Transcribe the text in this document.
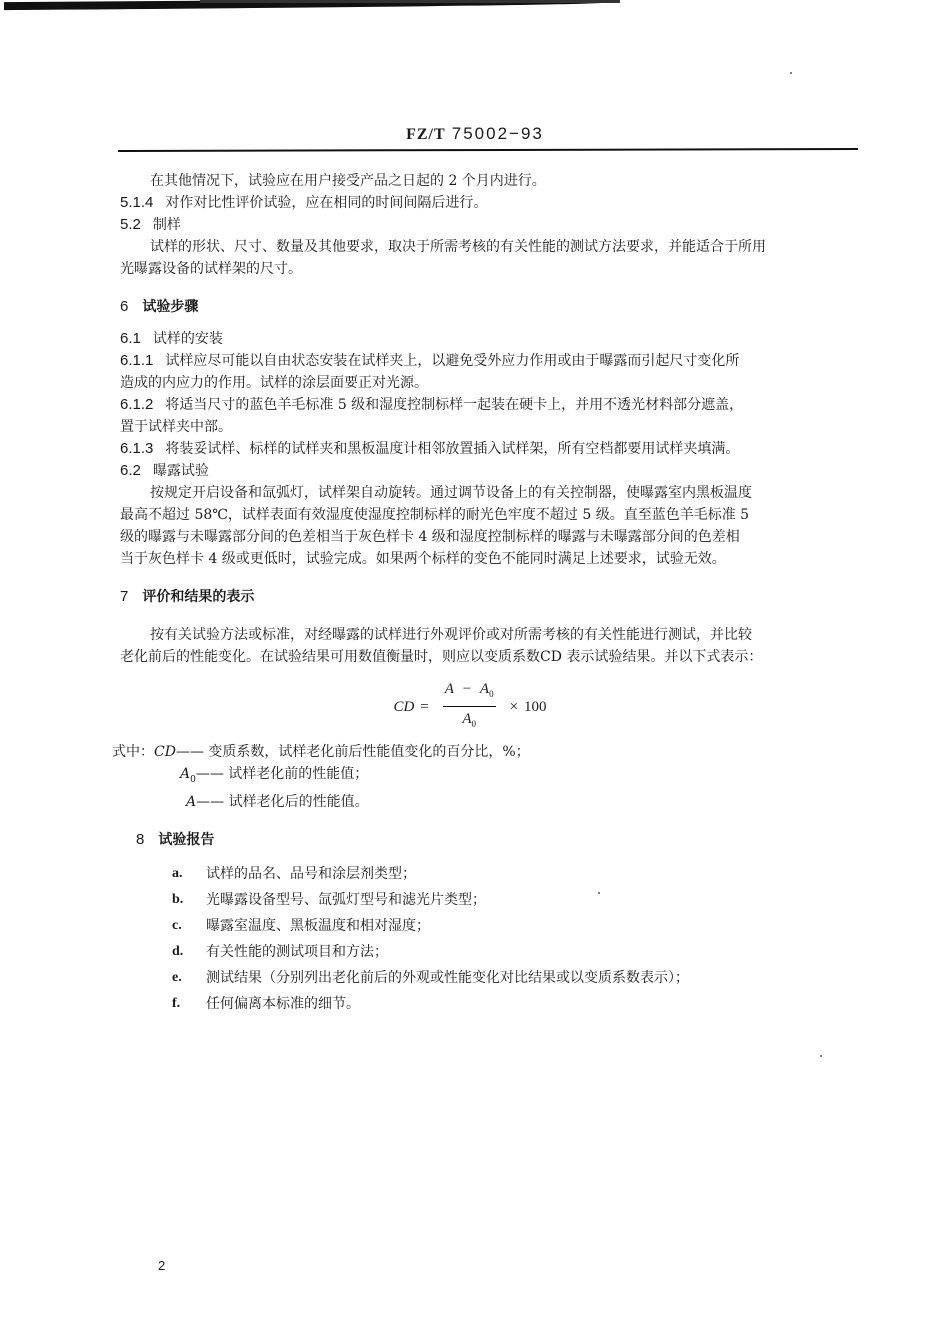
FZ/T 75002−93

在其他情况下，试验应在用户接受产品之日起的 2 个月内进行。

5.1.4 对作对比性评价试验，应在相同的时间间隔后进行。

5.2 制样

试样的形状、尺寸、数量及其他要求，取决于所需考核的有关性能的测试方法要求，并能适合于所用

光曝露设备的试样架的尺寸。

6 试验步骤

6.1 试样的安装

6.1.1 试样应尽可能以自由状态安装在试样夹上，以避免受外应力作用或由于曝露而引起尺寸变化所

造成的内应力的作用。试样的涂层面要正对光源。

6.1.2 将适当尺寸的蓝色羊毛标准 5 级和湿度控制标样一起装在硬卡上，并用不透光材料部分遮盖，

置于试样夹中部。

6.1.3 将装妥试样、标样的试样夹和黑板温度计相邻放置插入试样架，所有空档都要用试样夹填满。

6.2 曝露试验

按规定开启设备和氙弧灯，试样架自动旋转。通过调节设备上的有关控制器，使曝露室内黑板温度

最高不超过 58℃，试样表面有效湿度使湿度控制标样的耐光色牢度不超过 5 级。直至蓝色羊毛标准 5

级的曝露与未曝露部分间的色差相当于灰色样卡 4 级和湿度控制标样的曝露与未曝露部分间的色差相

当于灰色样卡 4 级或更低时，试验完成。如果两个标样的变色不能同时满足上述要求，试验无效。

7 评价和结果的表示

按有关试验方法或标准，对经曝露的试样进行外观评价或对所需考核的有关性能进行测试，并比较

老化前后的性能变化。在试验结果可用数值衡量时，则应以变质系数CD 表示试验结果。并以下式表示：

CD = $\frac{A - A_0}{A_0} \times 100$

式中：CD—— 变质系数，试样老化前后性能值变化的百分比，%；

$A_0——$ 试样老化前的性能值；

A—— 试样老化后的性能值。

8 试验报告

a.	试样的品名、品号和涂层剂类型；
b.	光曝露设备型号、氙弧灯型号和滤光片类型；
c.	曝露室温度、黑板温度和相对湿度；
d.	有关性能的测试项目和方法；
e.	测试结果（分别列出老化前后的外观或性能变化对比结果或以变质系数表示）；
f.	任何偏离本标准的细节。
2
